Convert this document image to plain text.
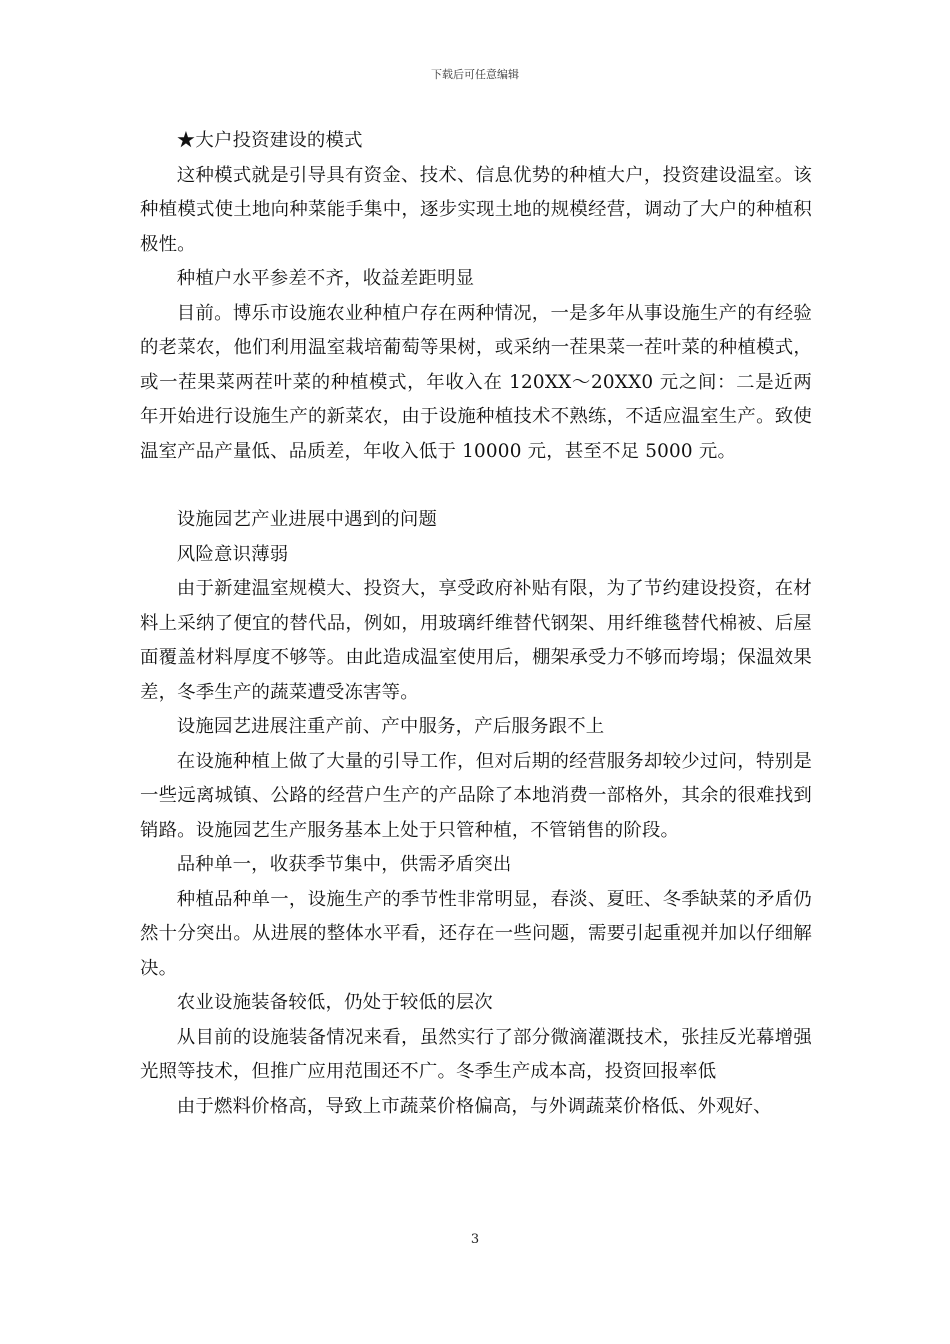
下载后可任意编辑

★大户投资建设的模式

这种模式就是引导具有资金、技术、信息优势的种植大户，投资建设温室。该种植模式使土地向种菜能手集中，逐步实现土地的规模经营，调动了大户的种植积极性。

种植户水平参差不齐，收益差距明显

目前。博乐市设施农业种植户存在两种情况，一是多年从事设施生产的有经验的老菜农，他们利用温室栽培葡萄等果树，或采纳一茬果菜一茬叶菜的种植模式，或一茬果菜两茬叶菜的种植模式，年收入在 120XX～20XX0 元之间：二是近两年开始进行设施生产的新菜农，由于设施种植技术不熟练，不适应温室生产。致使温室产品产量低、品质差，年收入低于 10000 元，甚至不足 5000 元。

设施园艺产业进展中遇到的问题

风险意识薄弱

由于新建温室规模大、投资大，享受政府补贴有限，为了节约建设投资，在材料上采纳了便宜的替代品，例如，用玻璃纤维替代钢架、用纤维毯替代棉被、后屋面覆盖材料厚度不够等。由此造成温室使用后，棚架承受力不够而垮塌；保温效果差，冬季生产的蔬菜遭受冻害等。

设施园艺进展注重产前、产中服务，产后服务跟不上

在设施种植上做了大量的引导工作，但对后期的经营服务却较少过问，特别是一些远离城镇、公路的经营户生产的产品除了本地消费一部格外，其余的很难找到销路。设施园艺生产服务基本上处于只管种植，不管销售的阶段。

品种单一，收获季节集中，供需矛盾突出

种植品种单一，设施生产的季节性非常明显，春淡、夏旺、冬季缺菜的矛盾仍然十分突出。从进展的整体水平看，还存在一些问题，需要引起重视并加以仔细解决。

农业设施装备较低，仍处于较低的层次

从目前的设施装备情况来看，虽然实行了部分微滴灌溉技术，张挂反光幕增强光照等技术，但推广应用范围还不广。冬季生产成本高，投资回报率低

由于燃料价格高，导致上市蔬菜价格偏高，与外调蔬菜价格低、外观好、

3
